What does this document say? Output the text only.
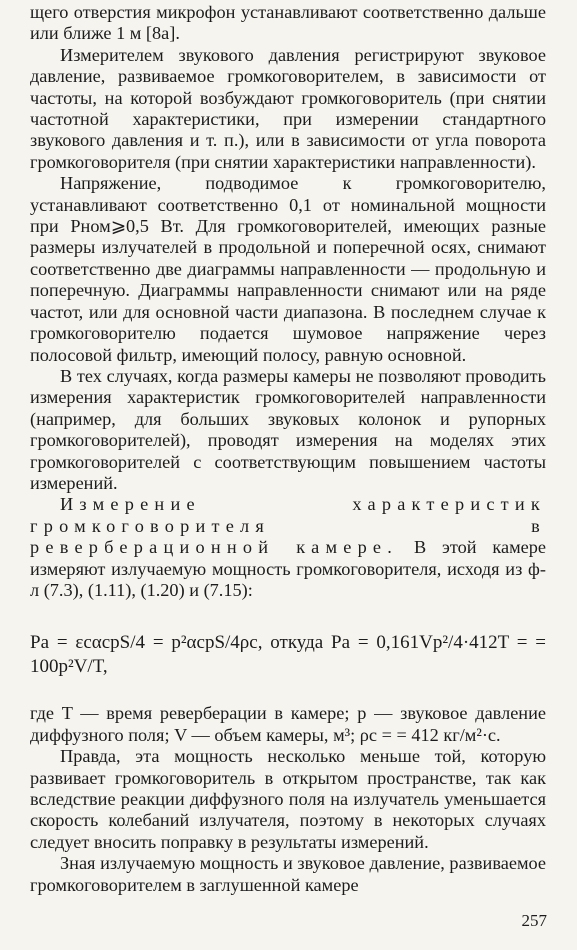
щего отверстия микрофон устанавливают соответственно дальше или ближе 1 м [8а].

Измерителем звукового давления регистрируют звуковое давление, развиваемое громкоговорителем, в зависимости от частоты, на которой возбуждают громкоговоритель (при снятии частотной характеристики, при измерении стандартного звукового давления и т. п.), или в зависимости от угла поворота громкоговорителя (при снятии характеристики направленности).

Напряжение, подводимое к громкоговорителю, устанавливают соответственно 0,1 от номинальной мощности при Pном⩾0,5 Вт. Для громкоговорителей, имеющих разные размеры излучателей в продольной и поперечной осях, снимают соответственно две диаграммы направленности — продольную и поперечную. Диаграммы направленности снимают или на ряде частот, или для основной части диапазона. В последнем случае к громкоговорителю подается шумовое напряжение через полосовой фильтр, имеющий полосу, равную основной.

В тех случаях, когда размеры камеры не позволяют проводить измерения характеристик громкоговорителей направленности (например, для больших звуковых колонок и рупорных громкоговорителей), проводят измерения на моделях этих громкоговорителей с соответствующим повышением частоты измерений.

Измерение характеристик громкоговорителя в реверберационной камере. В этой камере измеряют излучаемую мощность громкоговорителя, исходя из ф-л (7.3), (1.11), (1.20) и (7.15):

Pа = εcαсрS/4 = p²αсрS/4ρc, откуда Pа = 0,161Vp²/4·412T = = 100p²V/T,

где T — время реверберации в камере; p — звуковое давление диффузного поля; V — объем камеры, м³; ρc = = 412 кг/м²·с.

Правда, эта мощность несколько меньше той, которую развивает громкоговоритель в открытом пространстве, так как вследствие реакции диффузного поля на излучатель уменьшается скорость колебаний излучателя, поэтому в некоторых случаях следует вносить поправку в результаты измерений.

Зная излучаемую мощность и звуковое давление, развиваемое громкоговорителем в заглушенной камере

257
